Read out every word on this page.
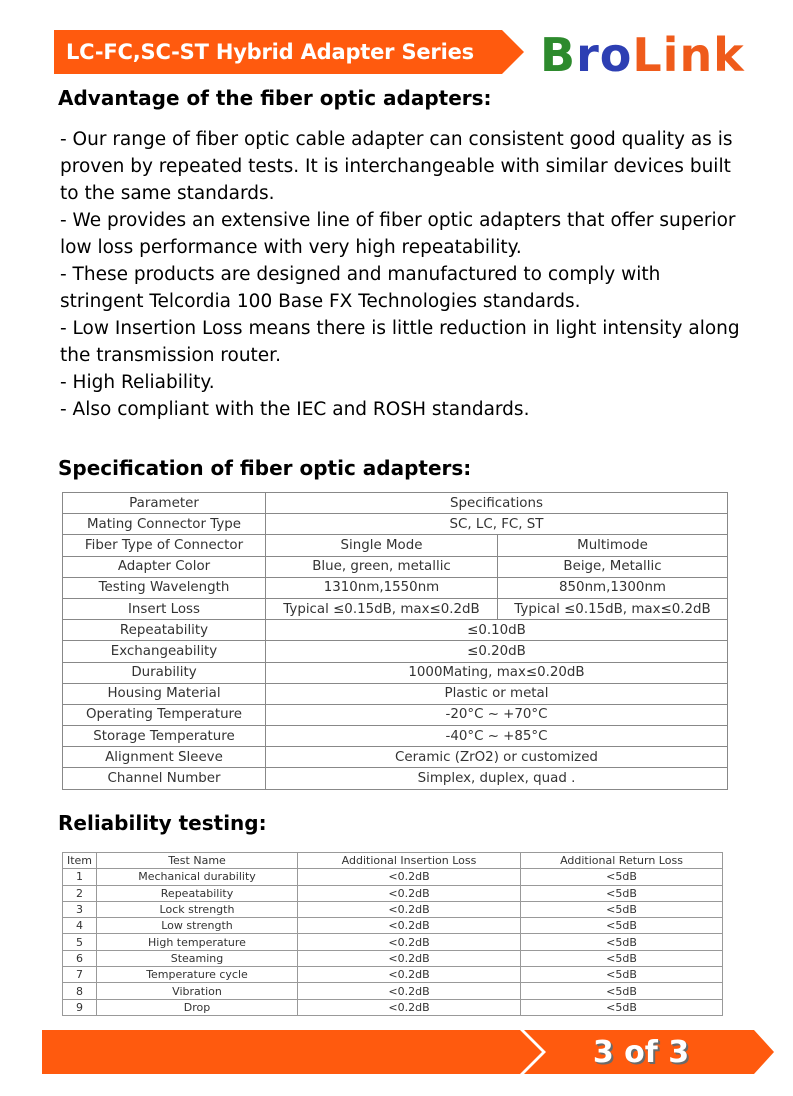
LC-FC,SC-ST Hybrid Adapter Series B ro Link
Advantage of the fiber optic adapters:

- Our range of fiber optic cable adapter can consistent good quality as is proven by repeated tests. It is interchangeable with similar devices built to the same standards.

- We provides an extensive line of fiber optic adapters that offer superior low loss performance with very high repeatability.

- These products are designed and manufactured to comply with stringent Telcordia 100 Base FX Technologies standards.

- Low Insertion Loss means there is little reduction in light intensity along the transmission router.

- High Reliability.

- Also compliant with the IEC and ROSH standards.

Specification of fiber optic adapters:
Parameter	Specifications	
Mating Connector Type	SC, LC, FC, ST	
Fiber Type of Connector	Single Mode	Multimode
Adapter Color	Blue, green, metallic	Beige, Metallic
Testing Wavelength	1310nm,1550nm	850nm,1300nm
Insert Loss	Typical ≤0.15dB, max≤0.2dB	Typical ≤0.15dB, max≤0.2dB
Repeatability	≤0.10dB	
Exchangeability	≤0.20dB	
Durability	1000Mating, max≤0.20dB	
Housing Material	Plastic or metal	
Operating Temperature	-20°C ~ +70°C	
Storage Temperature	-40°C ~ +85°C	
Alignment Sleeve	Ceramic (ZrO2) or customized	
Channel Number	Simplex, duplex, quad .	
Reliability testing:
Item	Test Name	Additional Insertion Loss	Additional Return Loss
1	Mechanical durability	<0.2dB	<5dB
2	Repeatability	<0.2dB	<5dB
3	Lock strength	<0.2dB	<5dB
4	Low strength	<0.2dB	<5dB
5	High temperature	<0.2dB	<5dB
6	Steaming	<0.2dB	<5dB
7	Temperature cycle	<0.2dB	<5dB
8	Vibration	<0.2dB	<5dB
9	Drop	<0.2dB	<5dB
3 of 3
